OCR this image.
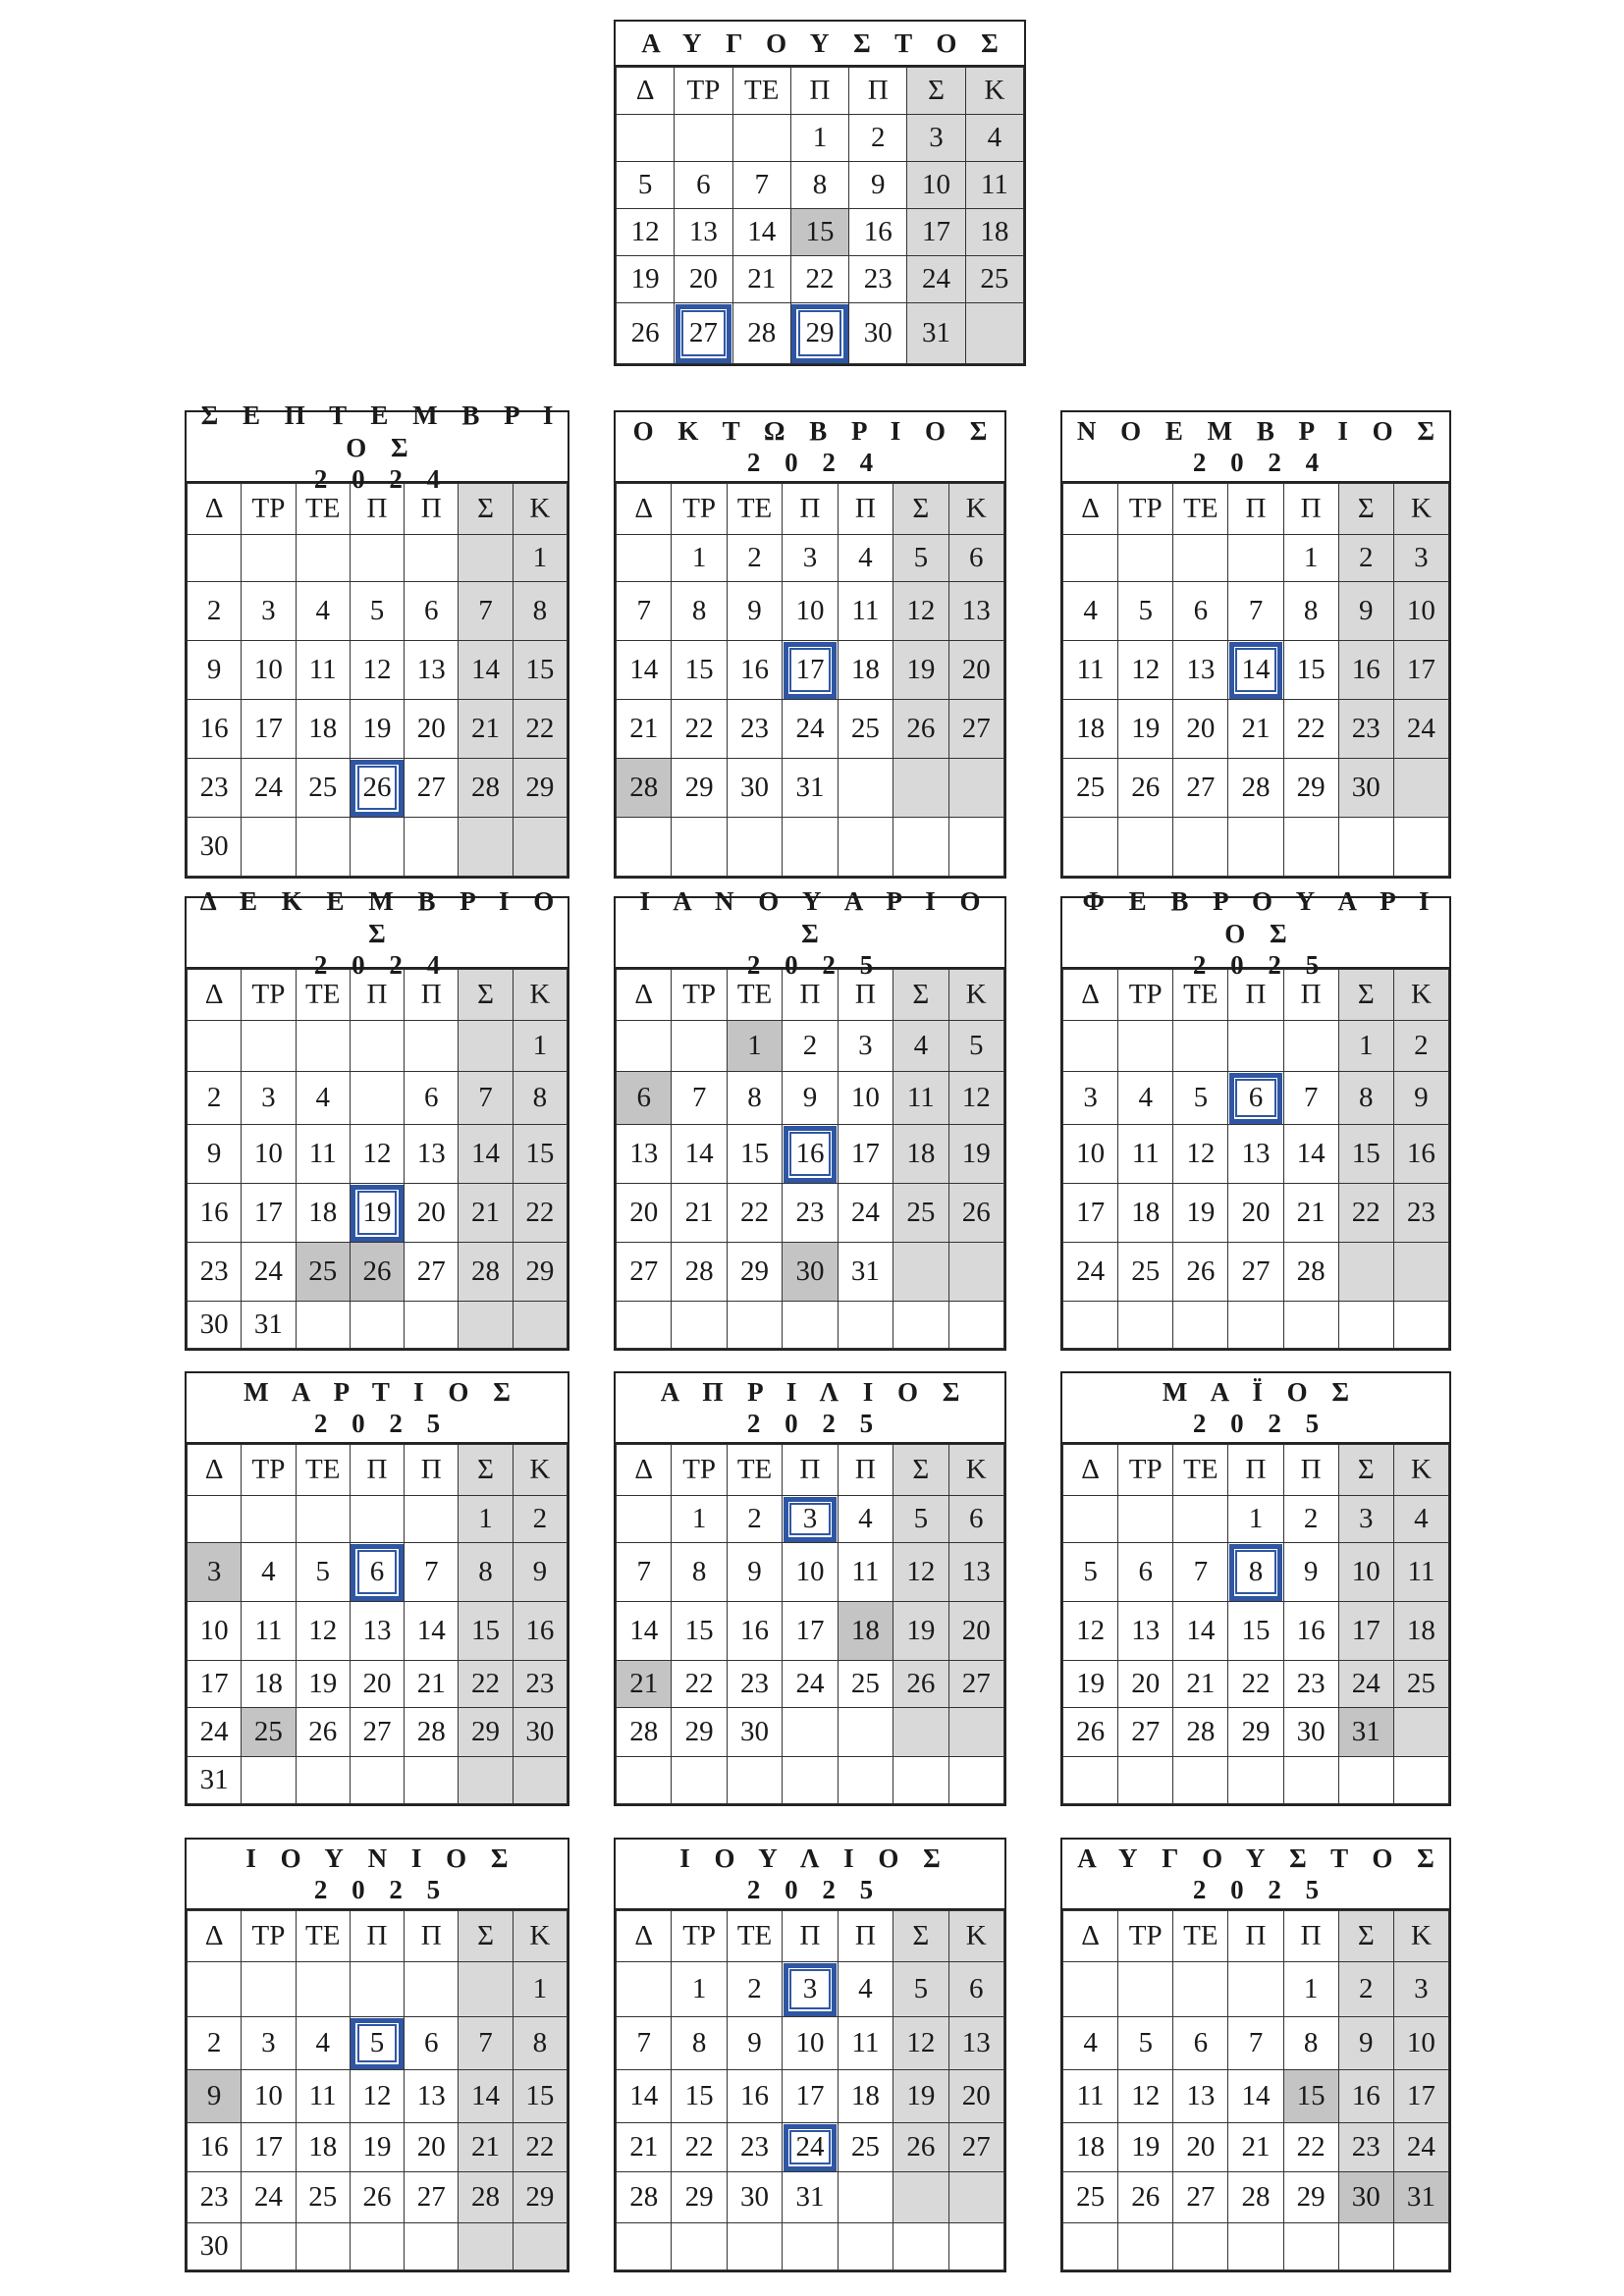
Α Υ Γ Ο Υ Σ Τ Ο Σ
Δ	ΤΡ	ΤΕ	Π	Π	Σ	Κ
			1	2	3	4
5	6	7	8	9	10	11
12	13	14	15	16	17	18
19	20	21	22	23	24	25
26	27	28	29	30	31	
Σ Ε Π Τ Ε Μ Β Ρ Ι Ο Σ
2 0 2 4
Δ	ΤΡ	ΤΕ	Π	Π	Σ	Κ
						1
2	3	4	5	6	7	8
9	10	11	12	13	14	15
16	17	18	19	20	21	22
23	24	25	26	27	28	29
30						
Ο Κ Τ Ω Β Ρ Ι Ο Σ
2 0 2 4
Δ	ΤΡ	ΤΕ	Π	Π	Σ	Κ
	1	2	3	4	5	6
7	8	9	10	11	12	13
14	15	16	17	18	19	20
21	22	23	24	25	26	27
28	29	30	31			

Ν Ο Ε Μ Β Ρ Ι Ο Σ
2 0 2 4
Δ	ΤΡ	ΤΕ	Π	Π	Σ	Κ
				1	2	3
4	5	6	7	8	9	10
11	12	13	14	15	16	17
18	19	20	21	22	23	24
25	26	27	28	29	30	

Δ Ε Κ Ε Μ Β Ρ Ι Ο Σ
2 0 2 4
Δ	ΤΡ	ΤΕ	Π	Π	Σ	Κ
						1
2	3	4		6	7	8
9	10	11	12	13	14	15
16	17	18	19	20	21	22
23	24	25	26	27	28	29
30	31					
Ι Α Ν Ο Υ Α Ρ Ι Ο Σ
2 0 2 5
Δ	ΤΡ	ΤΕ	Π	Π	Σ	Κ
		1	2	3	4	5
6	7	8	9	10	11	12
13	14	15	16	17	18	19
20	21	22	23	24	25	26
27	28	29	30	31		

Φ Ε Β Ρ Ο Υ Α Ρ Ι Ο Σ
2 0 2 5
Δ	ΤΡ	ΤΕ	Π	Π	Σ	Κ
					1	2
3	4	5	6	7	8	9
10	11	12	13	14	15	16
17	18	19	20	21	22	23
24	25	26	27	28		

Μ Α Ρ Τ Ι Ο Σ
2 0 2 5
Δ	ΤΡ	ΤΕ	Π	Π	Σ	Κ
					1	2
3	4	5	6	7	8	9
10	11	12	13	14	15	16
17	18	19	20	21	22	23
24	25	26	27	28	29	30
31						
Α Π Ρ Ι Λ Ι Ο Σ
2 0 2 5
Δ	ΤΡ	ΤΕ	Π	Π	Σ	Κ
	1	2	3	4	5	6
7	8	9	10	11	12	13
14	15	16	17	18	19	20
21	22	23	24	25	26	27
28	29	30				

Μ Α Ϊ Ο Σ
2 0 2 5
Δ	ΤΡ	ΤΕ	Π	Π	Σ	Κ
			1	2	3	4
5	6	7	8	9	10	11
12	13	14	15	16	17	18
19	20	21	22	23	24	25
26	27	28	29	30	31	

Ι Ο Υ Ν Ι Ο Σ
2 0 2 5
Δ	ΤΡ	ΤΕ	Π	Π	Σ	Κ
						1
2	3	4	5	6	7	8
9	10	11	12	13	14	15
16	17	18	19	20	21	22
23	24	25	26	27	28	29
30						
Ι Ο Υ Λ Ι Ο Σ
2 0 2 5
Δ	ΤΡ	ΤΕ	Π	Π	Σ	Κ
	1	2	3	4	5	6
7	8	9	10	11	12	13
14	15	16	17	18	19	20
21	22	23	24	25	26	27
28	29	30	31			

Α Υ Γ Ο Υ Σ Τ Ο Σ
2 0 2 5
Δ	ΤΡ	ΤΕ	Π	Π	Σ	Κ
				1	2	3
4	5	6	7	8	9	10
11	12	13	14	15	16	17
18	19	20	21	22	23	24
25	26	27	28	29	30	31
